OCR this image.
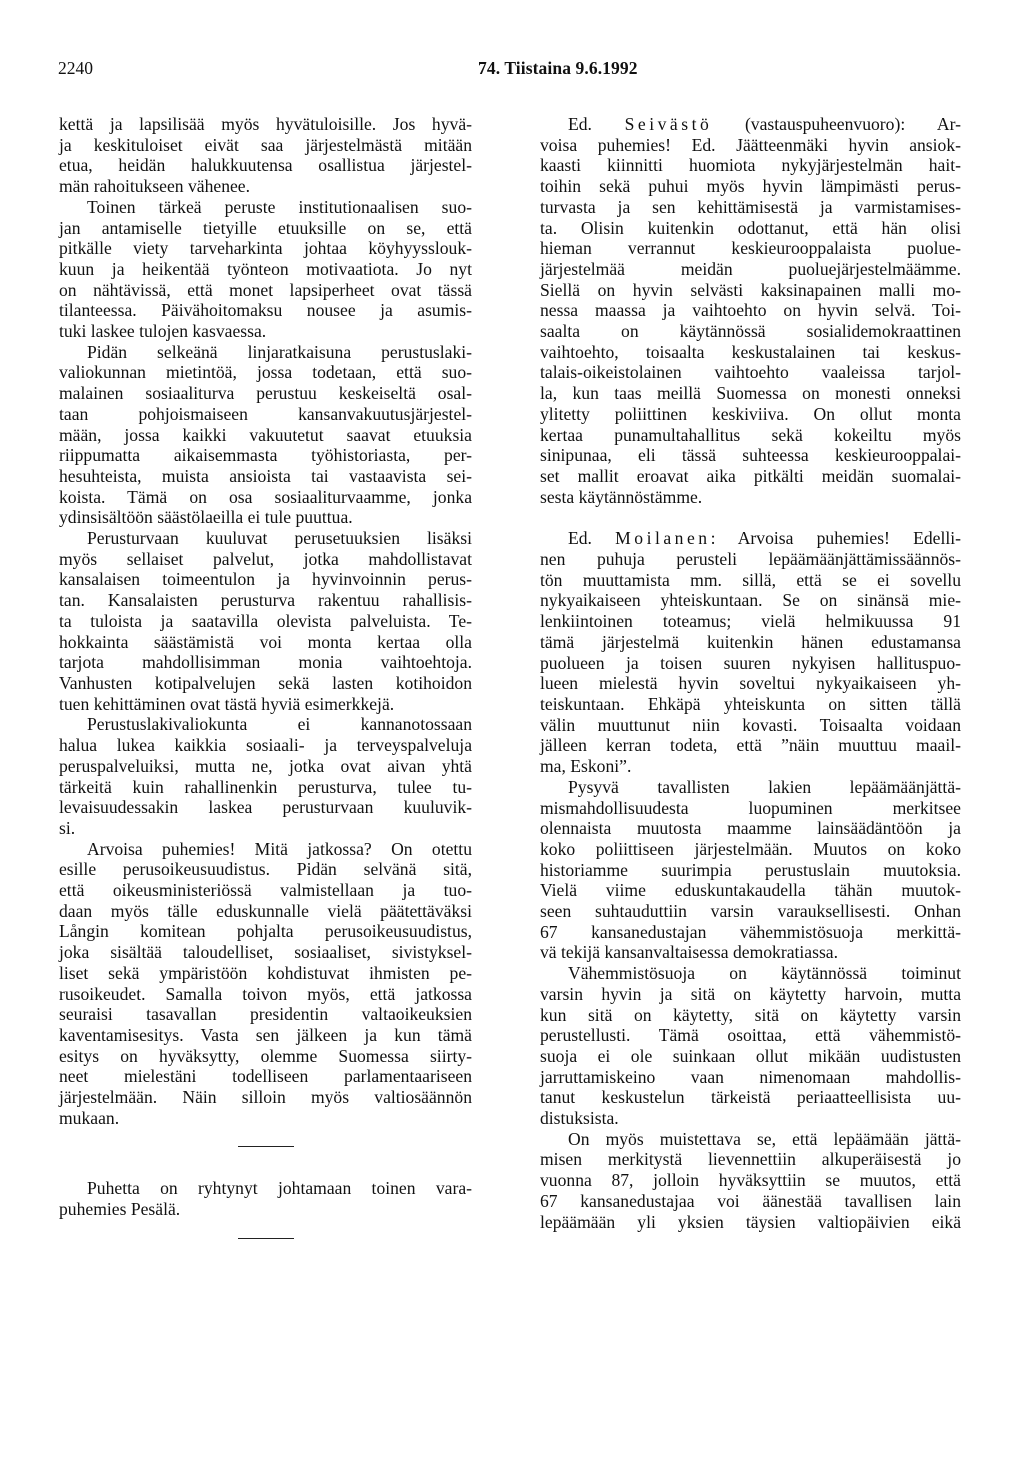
2240	74. Tiistaina 9.6.1992

kettä ja lapsilisää myös hyvätuloisille. Jos hyvä-
ja keskituloiset eivät saa järjestelmästä mitään
etua, heidän halukkuutensa osallistua järjestel-
män rahoitukseen vähenee.

Toinen tärkeä peruste institutionaalisen suo-
jan antamiselle tietyille etuuksille on se, että
pitkälle viety tarveharkinta johtaa köyhyysslouk-
kuun ja heikentää työnteon motivaatiota. Jo nyt
on nähtävissä, että monet lapsiperheet ovat tässä
tilanteessa. Päivähoitomaksu nousee ja asumis-
tuki laskee tulojen kasvaessa.

Pidän selkeänä linjaratkaisuna perustuslaki-
valiokunnan mietintöä, jossa todetaan, että suo-
malainen sosiaaliturva perustuu keskeiseltä osal-
taan pohjoismaiseen kansanvakuutusjärjestel-
mään, jossa kaikki vakuutetut saavat etuuksia
riippumatta aikaisemmasta työhistoriasta, per-
hesuhteista, muista ansioista tai vastaavista sei-
koista. Tämä on osa sosiaaliturvaamme, jonka
ydinsisältöön säästölaeilla ei tule puuttua.

Perusturvaan kuuluvat perusetuuksien lisäksi
myös sellaiset palvelut, jotka mahdollistavat
kansalaisen toimeentulon ja hyvinvoinnin perus-
tan. Kansalaisten perusturva rakentuu rahallisis-
ta tuloista ja saatavilla olevista palveluista. Te-
hokkainta säästämistä voi monta kertaa olla
tarjota mahdollisimman monia vaihtoehtoja.
Vanhusten kotipalvelujen sekä lasten kotihoidon
tuen kehittäminen ovat tästä hyviä esimerkkejä.

Perustuslakivaliokunta ei kannanotossaan
halua lukea kaikkia sosiaali- ja terveyspalveluja
peruspalveluiksi, mutta ne, jotka ovat aivan yhtä
tärkeitä kuin rahallinenkin perusturva, tulee tu-
levaisuudessakin laskea perusturvaan kuuluvik-
si.

Arvoisa puhemies! Mitä jatkossa? On otettu
esille perusoikeusuudistus. Pidän selvänä sitä,
että oikeusministeriössä valmistellaan ja tuo-
daan myös tälle eduskunnalle vielä päätettäväksi
Långin komitean pohjalta perusoikeusuudistus,
joka sisältää taloudelliset, sosiaaliset, sivistyksel-
liset sekä ympäristöön kohdistuvat ihmisten pe-
rusoikeudet. Samalla toivon myös, että jatkossa
seuraisi tasavallan presidentin valtaoikeuksien
kaventamisesitys. Vasta sen jälkeen ja kun tämä
esitys on hyväksytty, olemme Suomessa siirty-
neet mielestäni todelliseen parlamentaariseen
järjestelmään. Näin silloin myös valtiosäännön
mukaan.

Puhetta on ryhtynyt johtamaan toinen vara-
puhemies Pesälä.

Ed. Seivästö (vastauspuheenvuoro): Ar-
voisa puhemies! Ed. Jäätteenmäki hyvin ansiok-
kaasti kiinnitti huomiota nykyjärjestelmän hait-
toihin sekä puhui myös hyvin lämpimästi perus-
turvasta ja sen kehittämisestä ja varmistamises-
ta. Olisin kuitenkin odottanut, että hän olisi
hieman verrannut keskieurooppalaista puolue-
järjestelmää meidän puoluejärjestelmäämme.
Siellä on hyvin selvästi kaksinapainen malli mo-
nessa maassa ja vaihtoehto on hyvin selvä. Toi-
saalta on käytännössä sosialidemokraattinen
vaihtoehto, toisaalta keskustalainen tai keskus-
talais-oikeistolainen vaihtoehto vaaleissa tarjol-
la, kun taas meillä Suomessa on monesti onneksi
ylitetty poliittinen keskiviiva. On ollut monta
kertaa punamultahallitus sekä kokeiltu myös
sinipunaa, eli tässä suhteessa keskieurooppalai-
set mallit eroavat aika pitkälti meidän suomalai-
sesta käytännöstämme.

Ed. Moilanen: Arvoisa puhemies! Edelli-
nen puhuja perusteli lepäämäänjättämissäännös-
tön muuttamista mm. sillä, että se ei sovellu
nykyaikaiseen yhteiskuntaan. Se on sinänsä mie-
lenkiintoinen toteamus; vielä helmikuussa 91
tämä järjestelmä kuitenkin hänen edustamansa
puolueen ja toisen suuren nykyisen hallituspuo-
lueen mielestä hyvin soveltui nykyaikaiseen yh-
teiskuntaan. Ehkäpä yhteiskunta on sitten tällä
välin muuttunut niin kovasti. Toisaalta voidaan
jälleen kerran todeta, että ”näin muuttuu maail-
ma, Eskoni”.

Pysyvä tavallisten lakien lepäämäänjättä-
mismahdollisuudesta luopuminen merkitsee
olennaista muutosta maamme lainsäädäntöön ja
koko poliittiseen järjestelmään. Muutos on koko
historiamme suurimpia perustuslain muutoksia.
Vielä viime eduskuntakaudella tähän muutok-
seen suhtauduttiin varsin varauksellisesti. Onhan
67 kansanedustajan vähemmistösuoja merkittä-
vä tekijä kansanvaltaisessa demokratiassa.

Vähemmistösuoja on käytännössä toiminut
varsin hyvin ja sitä on käytetty harvoin, mutta
kun sitä on käytetty, sitä on käytetty varsin
perustellusti. Tämä osoittaa, että vähemmistö-
suoja ei ole suinkaan ollut mikään uudistusten
jarruttamiskeino vaan nimenomaan mahdollis-
tanut keskustelun tärkeistä periaatteellisista uu-
distuksista.

On myös muistettava se, että lepäämään jättä-
misen merkitystä lievennettiin alkuperäisestä jo
vuonna 87, jolloin hyväksyttiin se muutos, että
67 kansanedustajaa voi äänestää tavallisen lain
lepäämään yli yksien täysien valtiopäivien eikä
